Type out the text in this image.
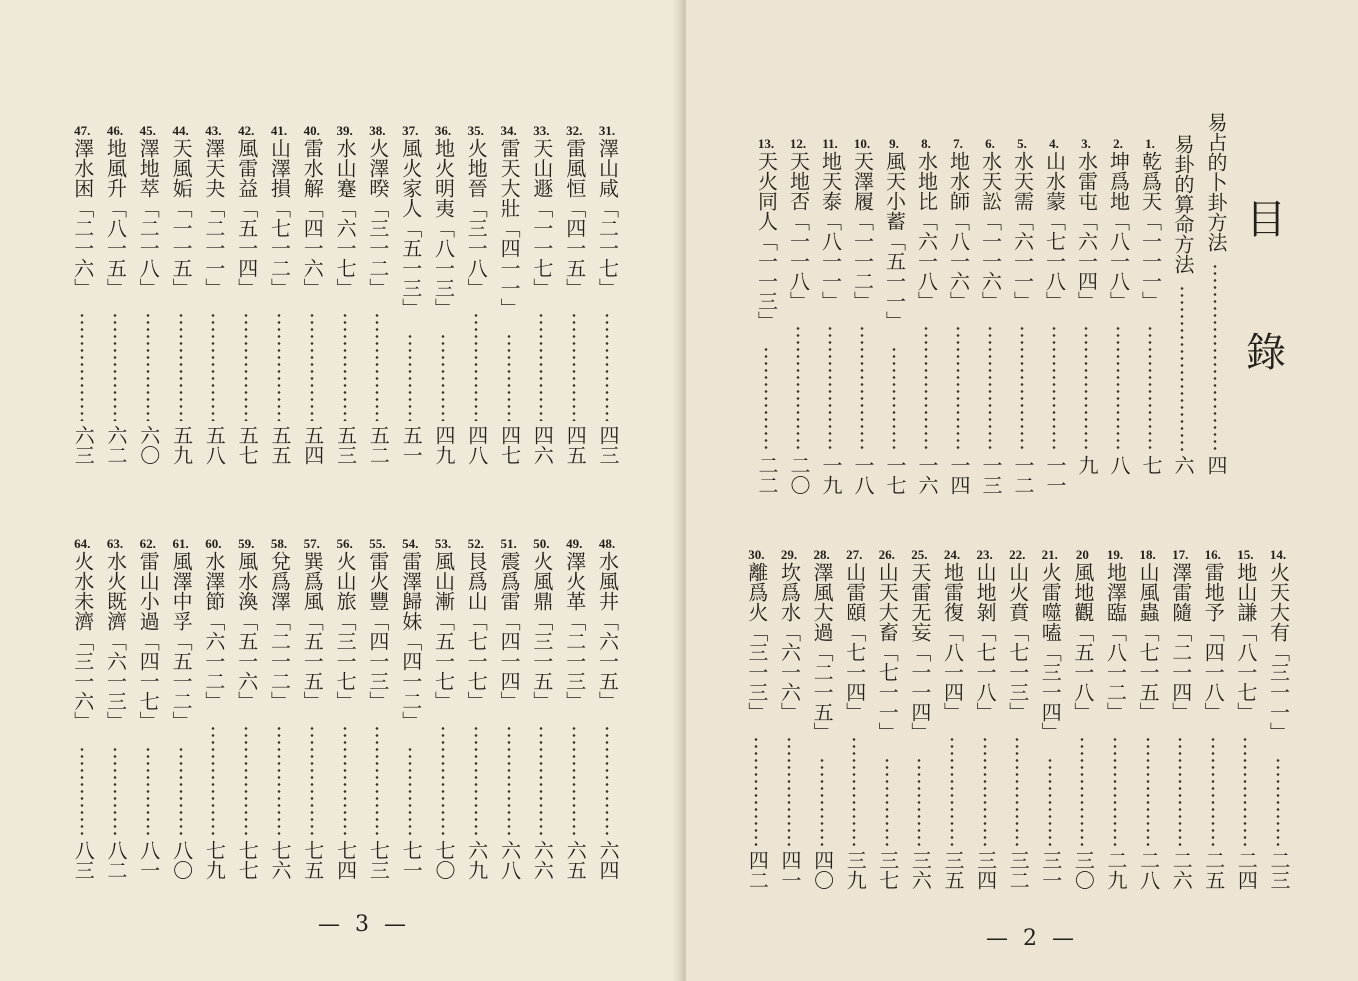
31.
澤山咸「二一七」
四三
32.
雷風恒「四一五」
四五
33.
天山遯「一一七」
四六
34.
雷天大壯「四一一」
四七
35.
火地晉「三一八」
四八
36.
地火明夷「八一三」
四九
37.
風火家人「五一三」
五一
38.
火澤暌「三一二」
五二
39.
水山蹇「六一七」
五三
40.
雷水解「四一六」
五四
41.
山澤損「七一二」
五五
42.
風雷益「五一四」
五七
43.
澤天夬「二一一」
五八
44.
天風姤「一一五」
五九
45.
澤地萃「二一八」
六〇
46.
地風升「八一五」
六二
47.
澤水困「二一六」
六三
48.
水風井「六一五」
六四
49.
澤火革「二一三」
六五
50.
火風鼎「三一五」
六六
51.
震爲雷「四一四」
六八
52.
艮爲山「七一七」
六九
53.
風山漸「五一七」
七〇
54.
雷澤歸妹「四一二」
七一
55.
雷火豐「四一三」
七三
56.
火山旅「三一七」
七四
57.
巽爲風「五一五」
七五
58.
兌爲澤「二一二」
七六
59.
風水渙「五一六」
七七
60.
水澤節「六一二」
七九
61.
風澤中孚「五一二」
八〇
62.
雷山小過「四一七」
八一
63.
水火既濟「六一三」
八二
64.
火水未濟「三一六」
八三
— 3 —
目
錄
易占的卜卦方法
四
易卦的算命方法
六
1.
乾爲天「一一一」
七
2.
坤爲地「八一八」
八
3.
水雷屯「六一四」
九
4.
山水蒙「七一八」
一一
5.
水天需「六一一」
一二
6.
水天訟「一一六」
一三
7.
地水師「八一六」
一四
8.
水地比「六一八」
一六
9.
風天小蓄「五一一」
一七
10.
天澤履「一一二」
一八
11.
地天泰「八一一」
一九
12.
天地否「一一八」
二〇
13.
天火同人「一一三」
二二
14.
火天大有「三一一」
二三
15.
地山謙「八一七」
二四
16.
雷地予「四一八」
二五
17.
澤雷隨「二一四」
二六
18.
山風蟲「七一五」
二八
19.
地澤臨「八一二」
二九
20
風地觀「五一八」
三〇
21.
火雷噬嗑「三一四」
三一
22.
山火賁「七一三」
三二
23.
山地剝「七一八」
三四
24.
地雷復「八一四」
三五
25.
天雷无妄「一一四」
三六
26.
山天大畜「七一一」
三七
27.
山雷頤「七一四」
三九
28.
澤風大過「二一五」
四〇
29.
坎爲水「六一六」
四一
30.
離爲火「三一三」
四二
— 2 —
